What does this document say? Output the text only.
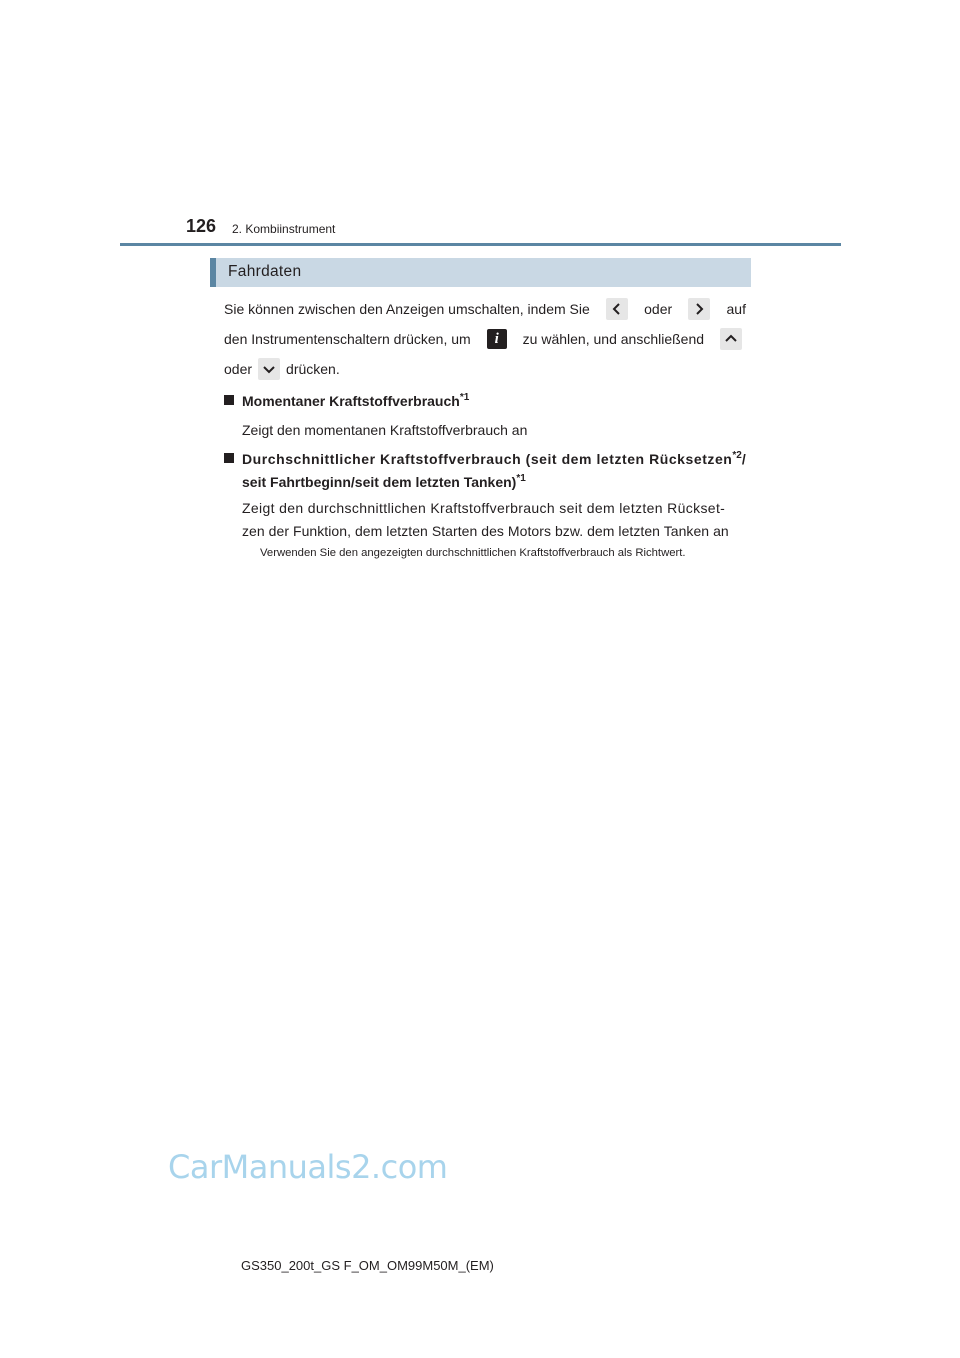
126 2. Kombiinstrument
Fahrdaten
Sie können zwischen den Anzeigen umschalten, indem Sie	oder	auf
den Instrumentenschaltern drücken, um i zu wählen, und anschließend
oder drücken.
Momentaner Kraftstoffverbrauch$^{*1}$
Zeigt den momentanen Kraftstoffverbrauch an
Durchschnittlicher Kraftstoffverbrauch (seit dem letzten Rücksetzen$^{*2}$/
seit Fahrtbeginn/seit dem letzten Tanken)$^{*1}$
Zeigt den durchschnittlichen Kraftstoffverbrauch seit dem letzten Rückset-
zen der Funktion, dem letzten Starten des Motors bzw. dem letzten Tanken an
Verwenden Sie den angezeigten durchschnittlichen Kraftstoffverbrauch als Richtwert.
CarManuals2.com
GS350_200t_GS F_OM_OM99M50M_(EM)
